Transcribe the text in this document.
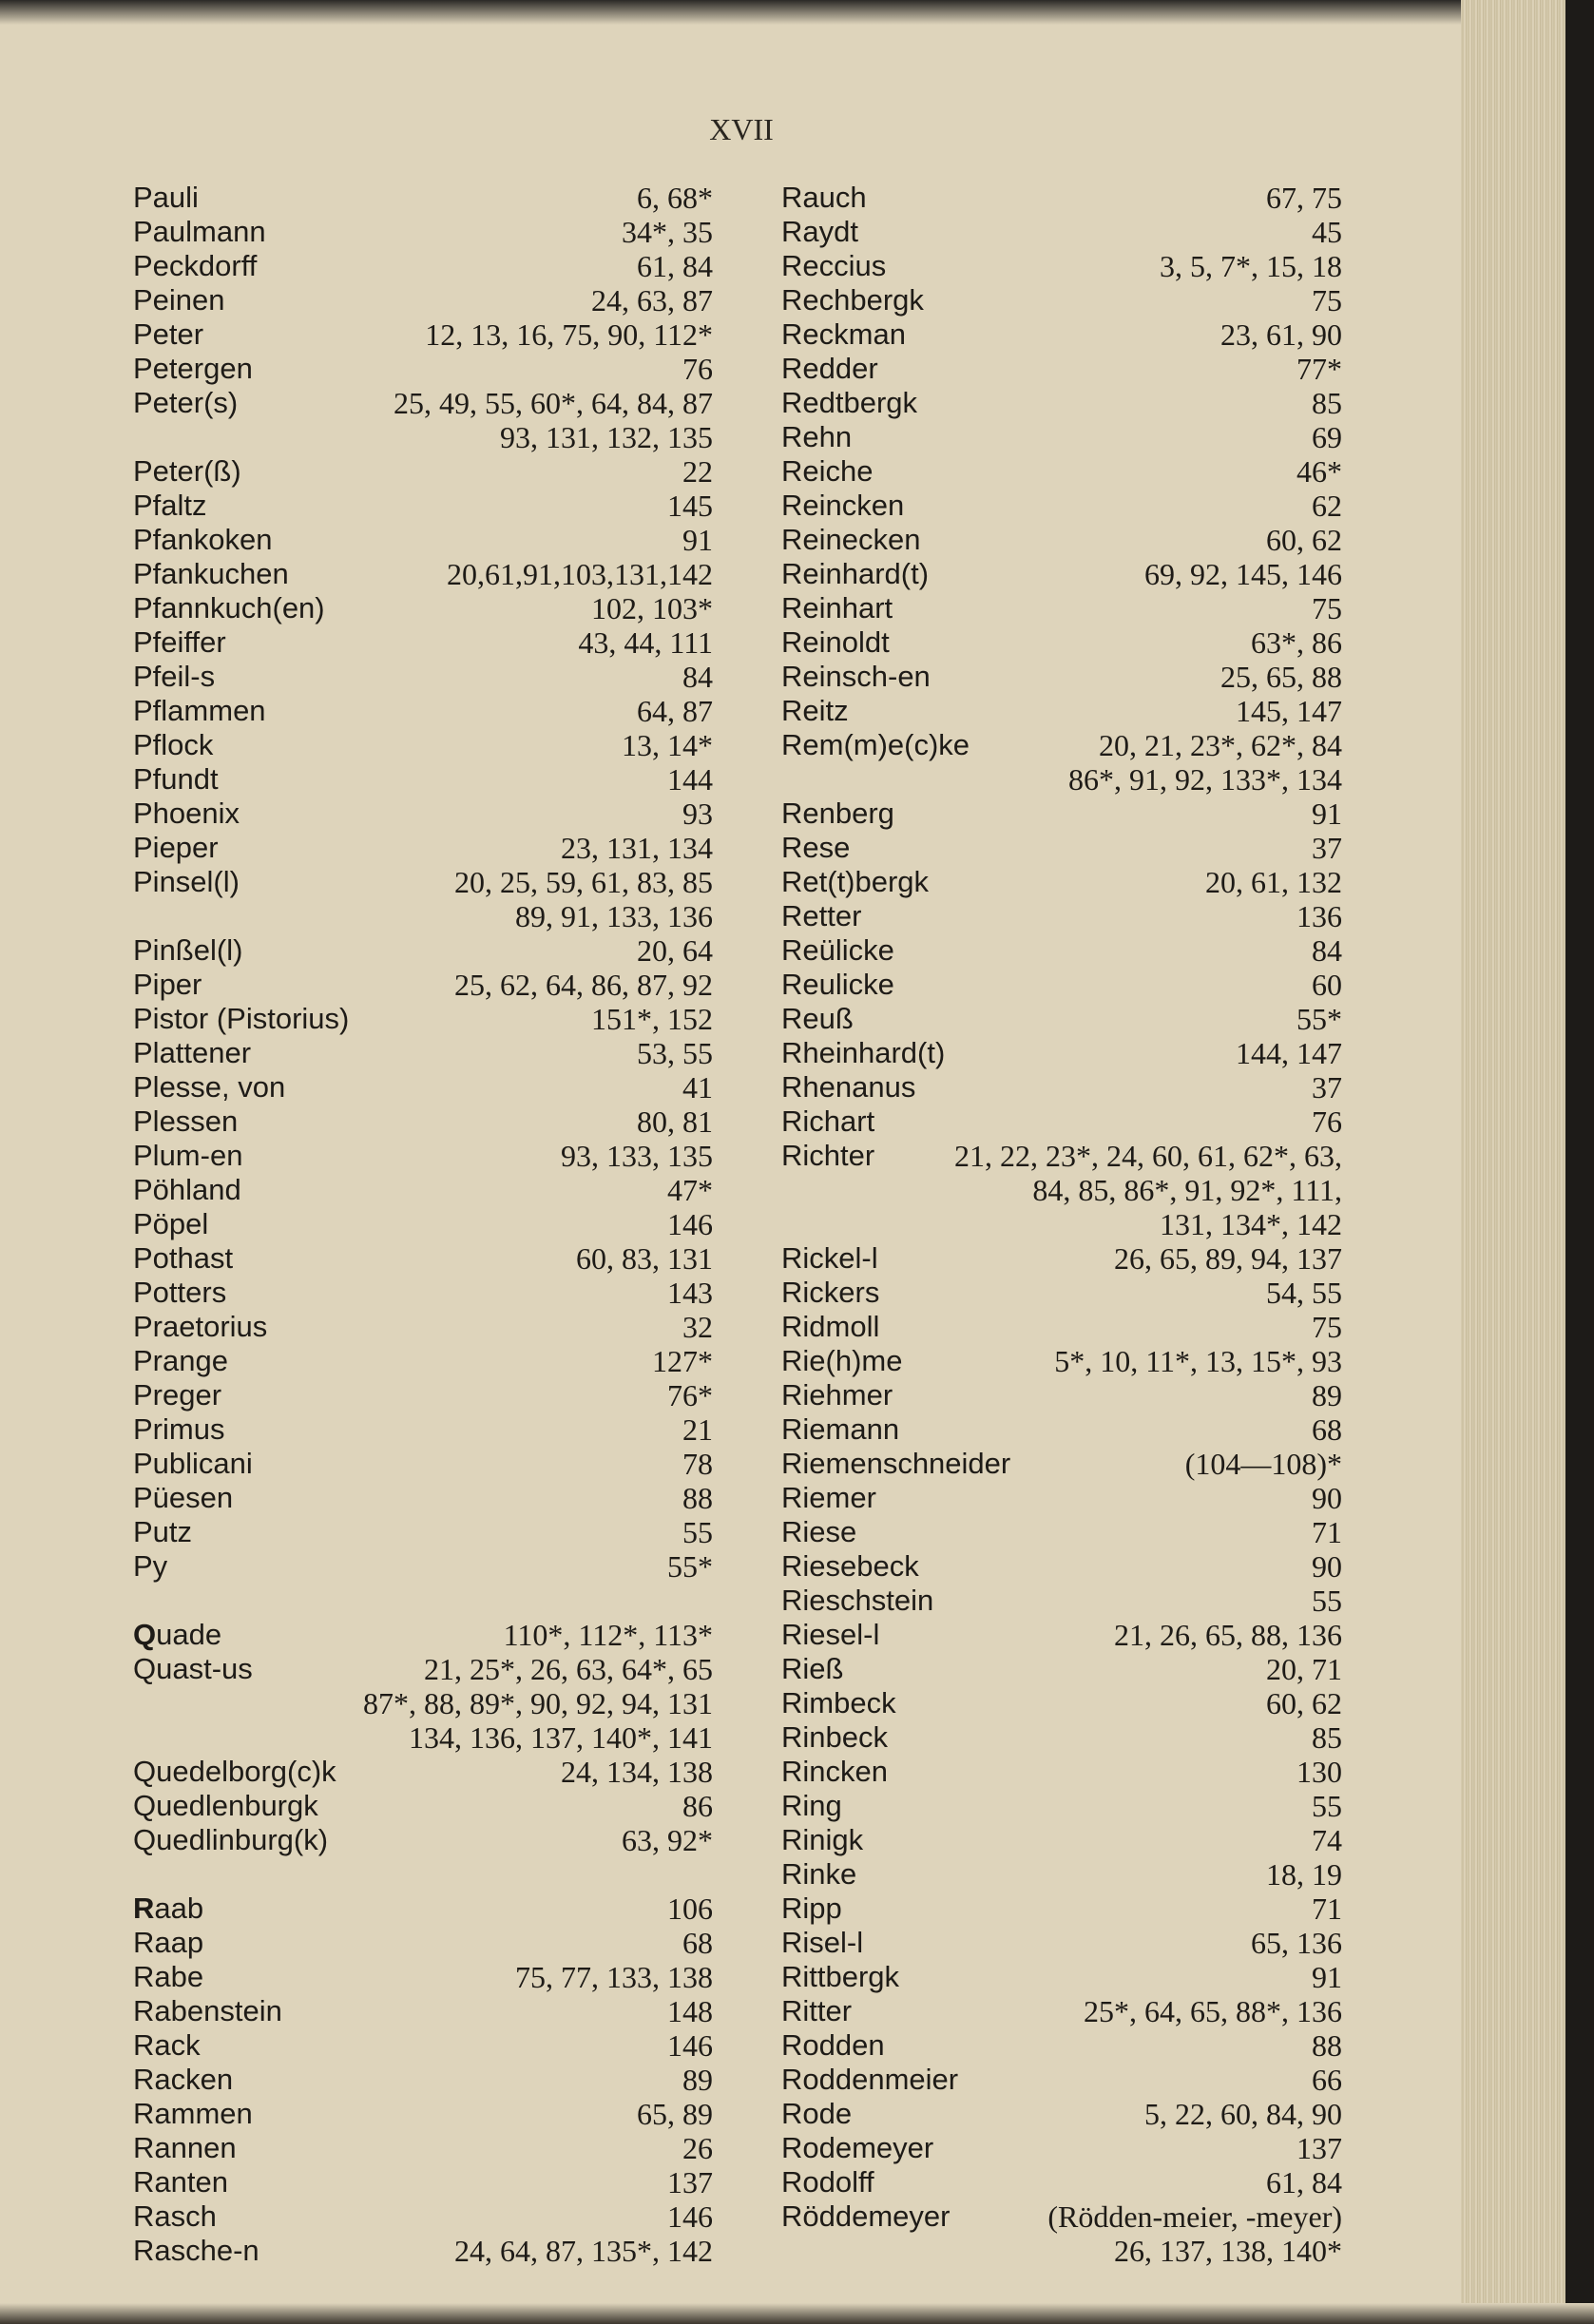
XVII
Pauli	6, 68*
Paulmann	34*, 35
Peckdorff	61, 84
Peinen	24, 63, 87
Peter	12, 13, 16, 75, 90, 112*
Petergen	76
Peter(s)	25, 49, 55, 60*, 64, 84, 87
93, 131, 132, 135
Peter(ß)	22
Pfaltz	145
Pfankoken	91
Pfankuchen	20,61,91,103,131,142
Pfannkuch(en)	102, 103*
Pfeiffer	43, 44, 111
Pfeil-s	84
Pflammen	64, 87
Pflock	13, 14*
Pfundt	144
Phoenix	93
Pieper	23, 131, 134
Pinsel(l)	20, 25, 59, 61, 83, 85
89, 91, 133, 136
Pinßel(l)	20, 64
Piper	25, 62, 64, 86, 87, 92
Pistor (Pistorius)	151*, 152
Plattener	53, 55
Plesse, von	41
Plessen	80, 81
Plum-en	93, 133, 135
Pöhland	47*
Pöpel	146
Pothast	60, 83, 131
Potters	143
Praetorius	32
Prange	127*
Preger	76*
Primus	21
Publicani	78
Püesen	88
Putz	55
Py	55*
Quade	110*, 112*, 113*
Quast-us	21, 25*, 26, 63, 64*, 65
87*, 88, 89*, 90, 92, 94, 131
134, 136, 137, 140*, 141
Quedelborg(c)k	24, 134, 138
Quedlenburgk	86
Quedlinburg(k)	63, 92*
Raab	106
Raap	68
Rabe	75, 77, 133, 138
Rabenstein	148
Rack	146
Racken	89
Rammen	65, 89
Rannen	26
Ranten	137
Rasch	146
Rasche-n	24, 64, 87, 135*, 142
Rauch	67, 75
Raydt	45
Reccius	3, 5, 7*, 15, 18
Rechbergk	75
Reckman	23, 61, 90
Redder	77*
Redtbergk	85
Rehn	69
Reiche	46*
Reincken	62
Reinecken	60, 62
Reinhard(t)	69, 92, 145, 146
Reinhart	75
Reinoldt	63*, 86
Reinsch-en	25, 65, 88
Reitz	145, 147
Rem(m)e(c)ke	20, 21, 23*, 62*, 84
86*, 91, 92, 133*, 134
Renberg	91
Rese	37
Ret(t)bergk	20, 61, 132
Retter	136
Reülicke	84
Reulicke	60
Reuß	55*
Rheinhard(t)	144, 147
Rhenanus	37
Richart	76
Richter	21, 22, 23*, 24, 60, 61, 62*, 63,
84, 85, 86*, 91, 92*, 111,
131, 134*, 142
Rickel-l	26, 65, 89, 94, 137
Rickers	54, 55
Ridmoll	75
Rie(h)me	5*, 10, 11*, 13, 15*, 93
Riehmer	89
Riemann	68
Riemenschneider	(104—108)*
Riemer	90
Riese	71
Riesebeck	90
Rieschstein	55
Riesel-l	21, 26, 65, 88, 136
Rieß	20, 71
Rimbeck	60, 62
Rinbeck	85
Rincken	130
Ring	55
Rinigk	74
Rinke	18, 19
Ripp	71
Risel-l	65, 136
Rittbergk	91
Ritter	25*, 64, 65, 88*, 136
Rodden	88
Roddenmeier	66
Rode	5, 22, 60, 84, 90
Rodemeyer	137
Rodolff	61, 84
Röddemeyer	(Rödden-meier, -meyer)
26, 137, 138, 140*
